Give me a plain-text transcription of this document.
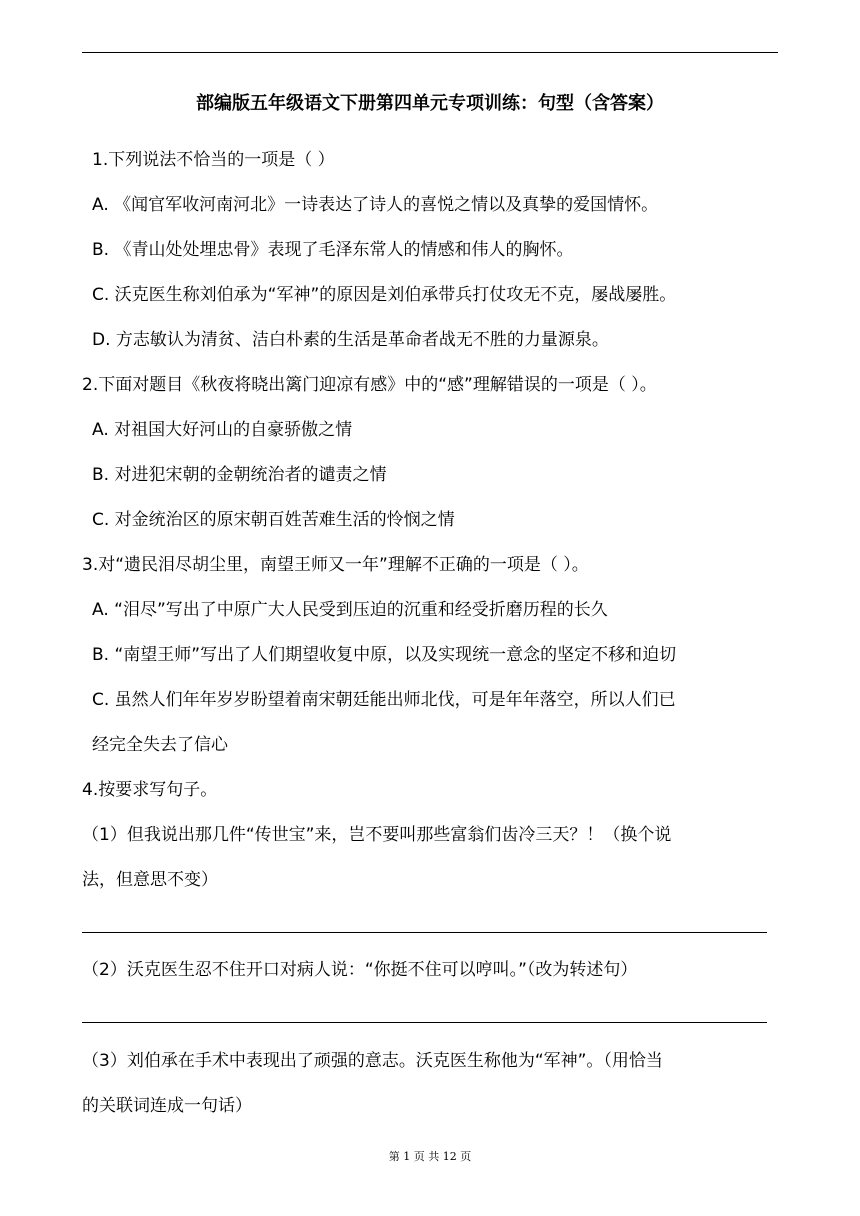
部编版五年级语文下册第四单元专项训练：句型（含答案）
1.下列说法不恰当的一项是（ ）
A. 《闻官军收河南河北》一诗表达了诗人的喜悦之情以及真挚的爱国情怀。
B. 《青山处处埋忠骨》表现了毛泽东常人的情感和伟人的胸怀。
C. 沃克医生称刘伯承为“军神”的原因是刘伯承带兵打仗攻无不克，屡战屡胜。
D. 方志敏认为清贫、洁白朴素的生活是革命者战无不胜的力量源泉。
2.下面对题目《秋夜将晓出篱门迎凉有感》中的“感”理解错误的一项是（ ）。
A. 对祖国大好河山的自豪骄傲之情
B. 对进犯宋朝的金朝统治者的谴责之情
C. 对金统治区的原宋朝百姓苦难生活的怜悯之情
3.对“遗民泪尽胡尘里，南望王师又一年”理解不正确的一项是（ ）。
A. “泪尽”写出了中原广大人民受到压迫的沉重和经受折磨历程的长久
B. “南望王师”写出了人们期望收复中原，以及实现统一意念的坚定不移和迫切
C. 虽然人们年年岁岁盼望着南宋朝廷能出师北伐，可是年年落空，所以人们已
经完全失去了信心
4.按要求写句子。
（1）但我说出那几件“传世宝”来，岂不要叫那些富翁们齿冷三天？！（换个说
法，但意思不变）
（2）沃克医生忍不住开口对病人说：“你挺不住可以哼叫。”（改为转述句）
（3）刘伯承在手术中表现出了顽强的意志。沃克医生称他为“军神”。（用恰当
的关联词连成一句话）
第 1 页 共 12 页
